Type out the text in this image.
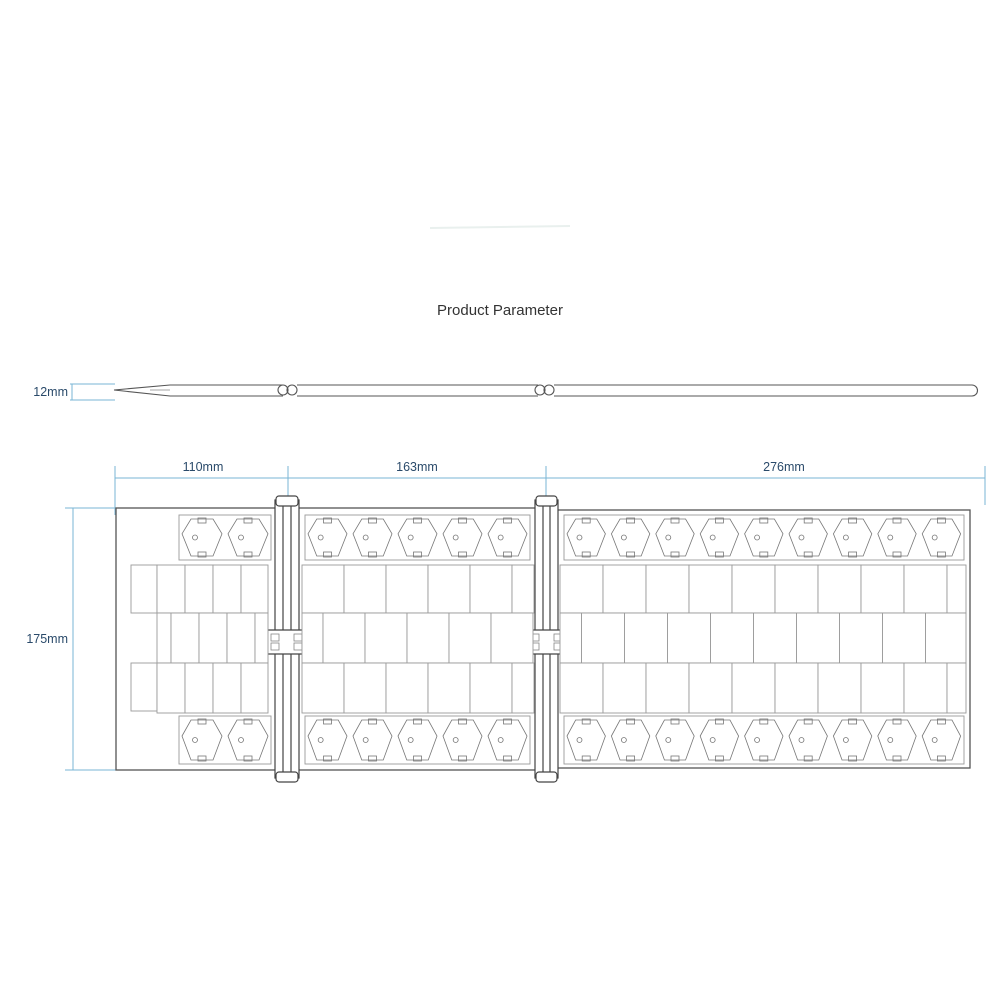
Product Parameter
12mm
110mm	163mm	276mm
175mm
